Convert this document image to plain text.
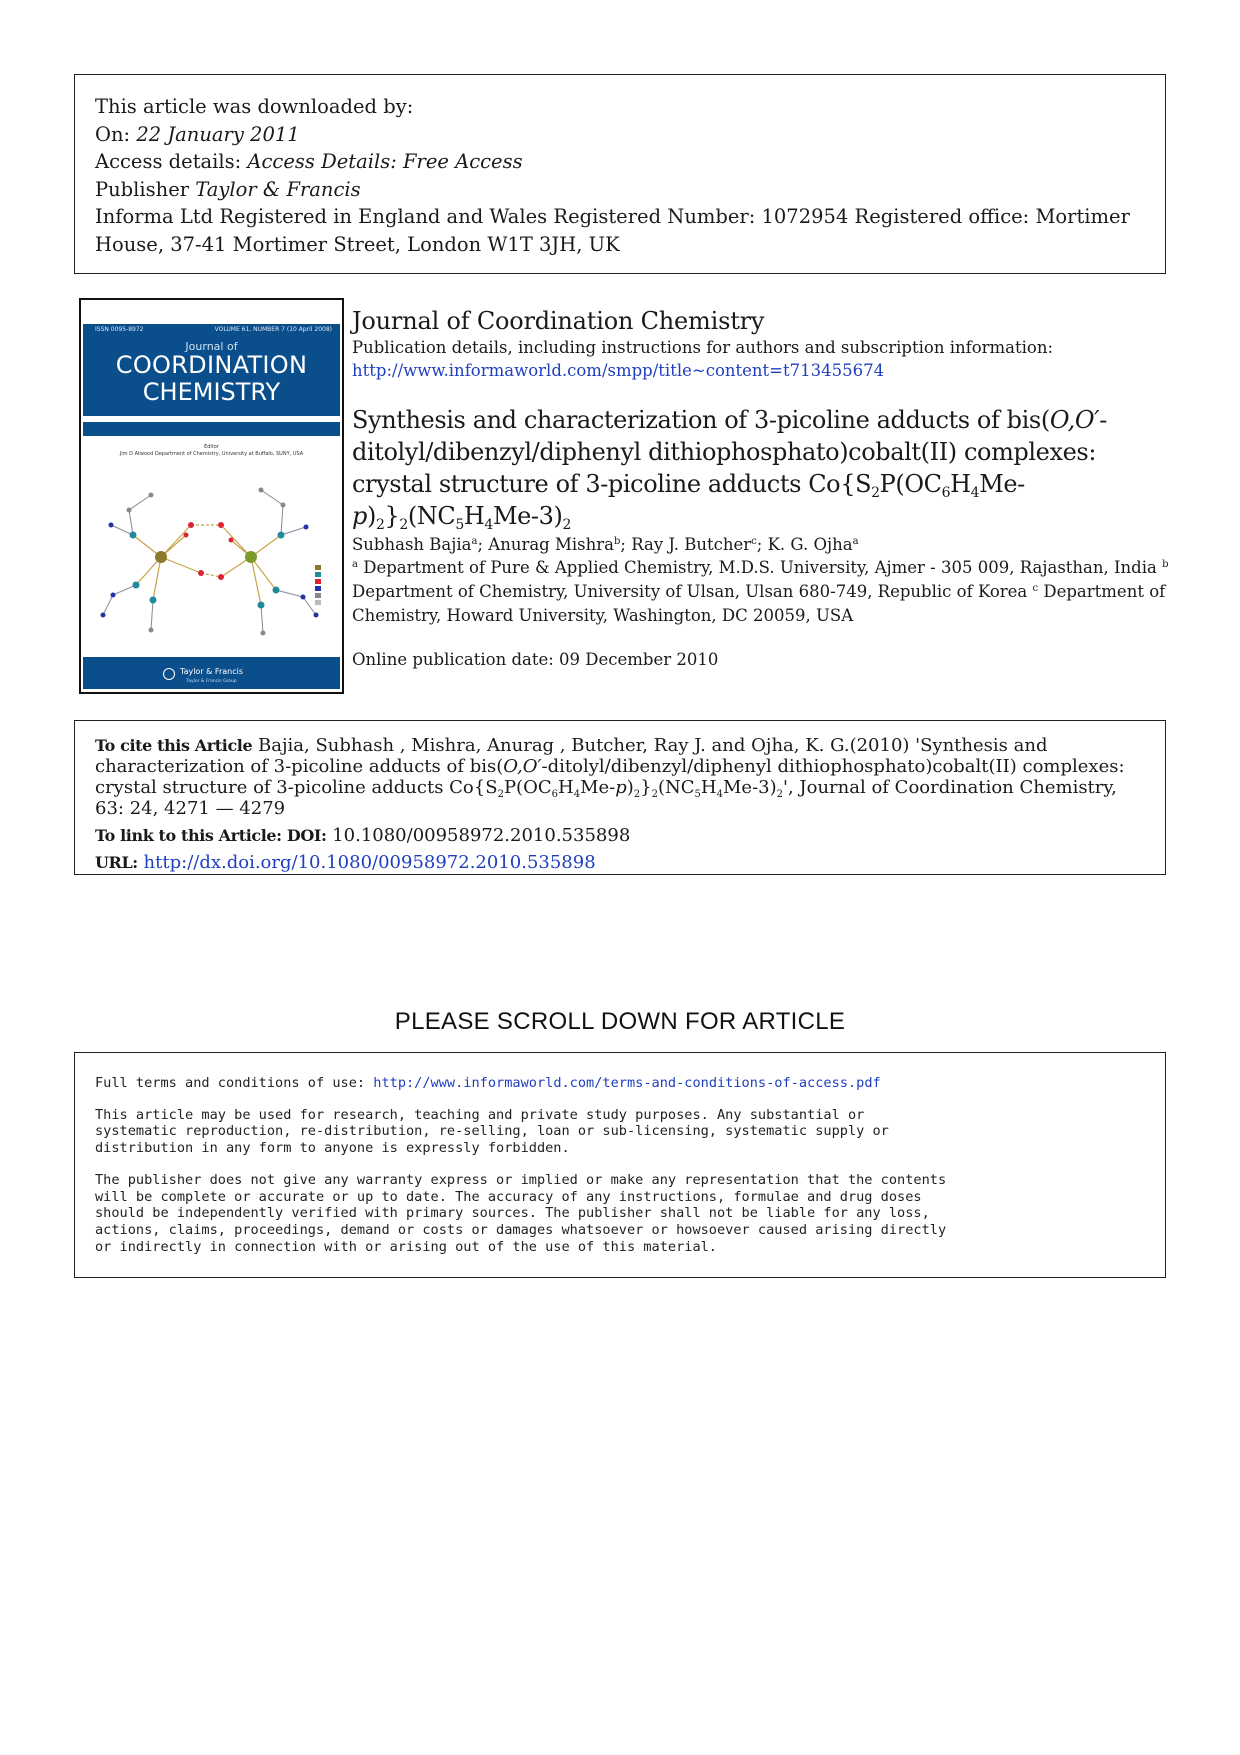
This article was downloaded by:
On: 22 January 2011
Access details: Access Details: Free Access
Publisher Taylor & Francis
Informa Ltd Registered in England and Wales Registered Number: 1072954 Registered office: Mortimer House, 37-41 Mortimer Street, London W1T 3JH, UK
ISSN 0095-8972	VOLUME 61, NUMBER 7 (10 April 2008)
Journal of
COORDINATION
CHEMISTRY
Editor
Jim D Atwood Department of Chemistry, University at Buffalo, SUNY, USA
Taylor & Francis
Taylor & Francis Group
Journal of Coordination Chemistry
Publication details, including instructions for authors and subscription information:
http://www.informaworld.com/smpp/title~content=t713455674
Synthesis and characterization of 3-picoline adducts of bis(O,O′-ditolyl/dibenzyl/diphenyl dithiophosphato)cobalt(II) complexes: crystal structure of 3-picoline adducts $Co\{S_2P(OC_6H_4Me-p)_2\}_2(NC_5H_4Me-3)_2$
Subhash Bajia$^a$; Anurag Mishra$^b$; Ray J. Butcher$^c$; K. G. Ojha$^a$
$^a$ Department of Pure & Applied Chemistry, M.D.S. University, Ajmer - 305 009, Rajasthan, India $^b$ Department of Chemistry, University of Ulsan, Ulsan 680-749, Republic of Korea $^c$ Department of Chemistry, Howard University, Washington, DC 20059, USA
Online publication date: 09 December 2010
To cite this Article Bajia, Subhash , Mishra, Anurag , Butcher, Ray J. and Ojha, K. G.(2010) 'Synthesis and characterization of 3-picoline adducts of bis(O,O′-ditolyl/dibenzyl/diphenyl dithiophosphato)cobalt(II) complexes: crystal structure of 3-picoline adducts $Co\{S_2P(OC_6H_4Me-p)_2\}_2(NC_5H_4Me-3)_2'$, Journal of Coordination Chemistry, 63: 24, 4271 — 4279
To link to this Article: DOI: 10.1080/00958972.2010.535898
URL: http://dx.doi.org/10.1080/00958972.2010.535898
PLEASE SCROLL DOWN FOR ARTICLE
Full terms and conditions of use: http://www.informaworld.com/terms-and-conditions-of-access.pdf
This article may be used for research, teaching and private study purposes. Any substantial or
systematic reproduction, re-distribution, re-selling, loan or sub-licensing, systematic supply or
distribution in any form to anyone is expressly forbidden.
The publisher does not give any warranty express or implied or make any representation that the contents
will be complete or accurate or up to date. The accuracy of any instructions, formulae and drug doses
should be independently verified with primary sources. The publisher shall not be liable for any loss,
actions, claims, proceedings, demand or costs or damages whatsoever or howsoever caused arising directly
or indirectly in connection with or arising out of the use of this material.
